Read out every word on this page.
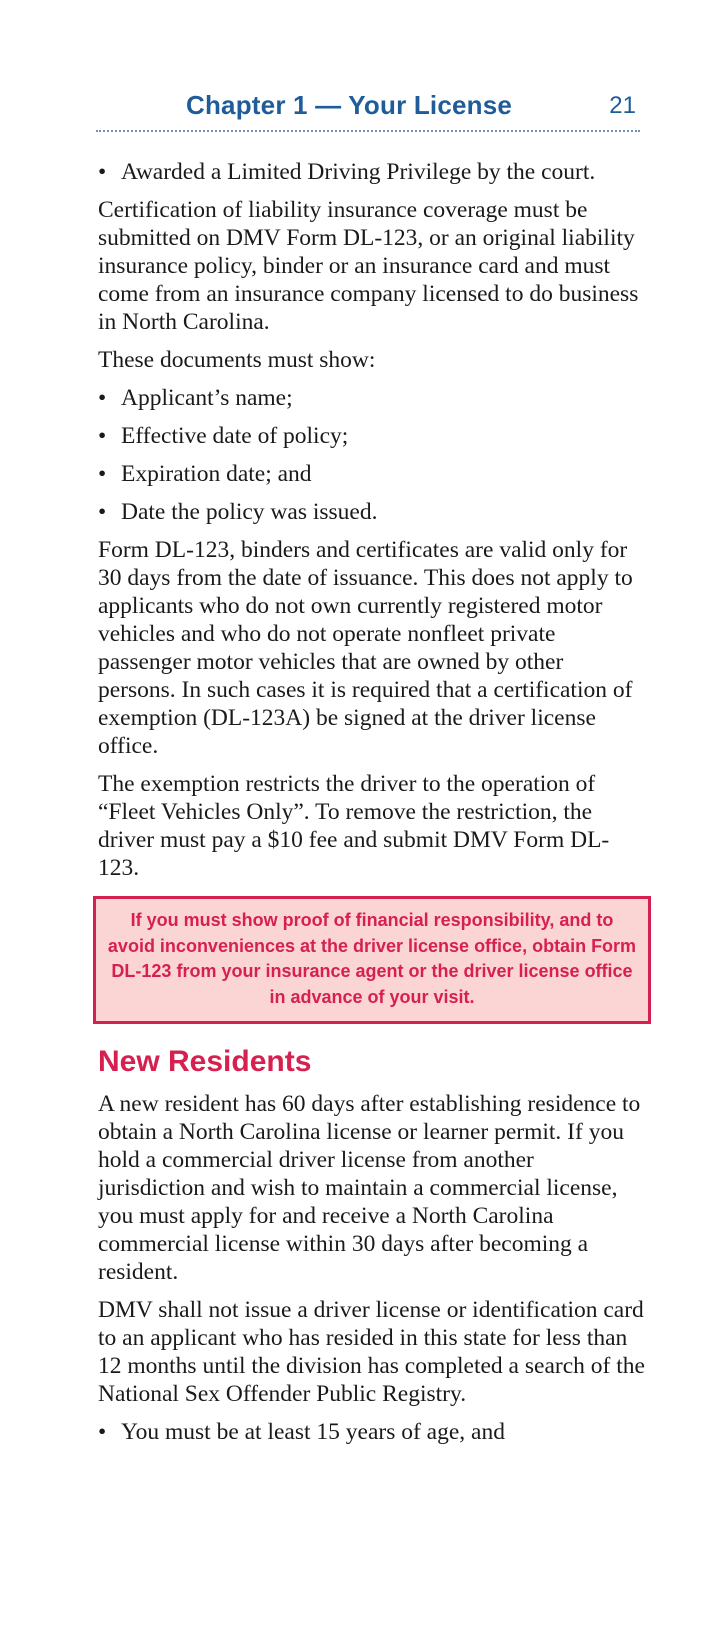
Chapter 1 — Your License	21
• Awarded a Limited Driving Privilege by the court.

Certification of liability insurance coverage must be submitted on DMV Form DL-123, or an original liability insurance policy, binder or an insurance card and must come from an insurance company licensed to do business in North Carolina.

These documents must show:

• Applicant’s name;
• Effective date of policy;
• Expiration date; and
• Date the policy was issued.

Form DL-123, binders and certificates are valid only for 30 days from the date of issuance. This does not apply to applicants who do not own currently registered motor vehicles and who do not operate nonfleet private passenger motor vehicles that are owned by other persons. In such cases it is required that a certification of exemption (DL-123A) be signed at the driver license office.

The exemption restricts the driver to the operation of “Fleet Vehicles Only”. To remove the restriction, the driver must pay a $10 fee and submit DMV Form DL-123.

If you must show proof of financial responsibility, and to avoid inconveniences at the driver license office, obtain Form DL-123 from your insurance agent or the driver license office in advance of your visit.
New Residents

A new resident has 60 days after establishing residence to obtain a North Carolina license or learner permit. If you hold a commercial driver license from another jurisdiction and wish to maintain a commercial license, you must apply for and receive a North Carolina commercial license within 30 days after becoming a resident.

DMV shall not issue a driver license or identification card to an applicant who has resided in this state for less than 12 months until the division has completed a search of the National Sex Offender Public Registry.

• You must be at least 15 years of age, and
